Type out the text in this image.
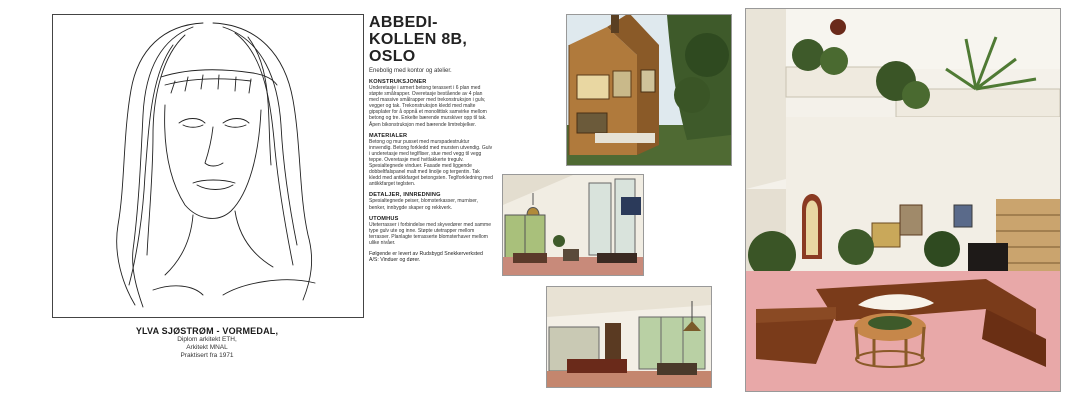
YLVA SJØSTRØM - VORMEDAL,
Diplom arkitekt ETH,
Arkitekt MNAL
Praktisert fra 1971
ABBEDI-
KOLLEN 8B, OSLO
Enebolig med kontor og atelier.
KONSTRUKSJONER
Underetasje i armert betong terassert i 6 plan med støpte smålrapper. Overetasje bestående av 4 plan med massive smålrapper med trekonstruksjon i gulv, vegger og tak. Trekonstruksjon kledd med malte gipsplater for å oppnå et monolittisk samvirke mellom betong og tre. Enkelte bærende murskiver opp til tak. Åpen bikonstruksjon med bærende limtrebjelker.
MATERIALER
Betong og mur pusset med murspadestruktur innvendig. Betong forkledd med mursten utvendig. Gulv i underetasje med teglfliser, stue med vegg til vegg teppe. Overetasje med hvitlakkerte tregulv. Spesialtegnede vinduer. Fasade med liggende dobbeltfalspanel malt med linolje og tergentin. Tak kledd med antikkfarget betongsten. Teglforkledning med antikkfarget teglsten.
DETALJER, INNREDNING
Spesialtegnede peiser, blomsterkasser, murniser, benker, innbygde skaper og rekkverk.
UTOMHUS
Uteterrasser i forbindelse med skyvedører med samme type gulv ute og inne. Støpte utetrapper mellom terrasser. Planlagte terrasserte blomsterhaver mellom ulike nivåer.
Følgende er levert av Rudsbygd Snekkerverksted A/S: Vinduer og dører.
